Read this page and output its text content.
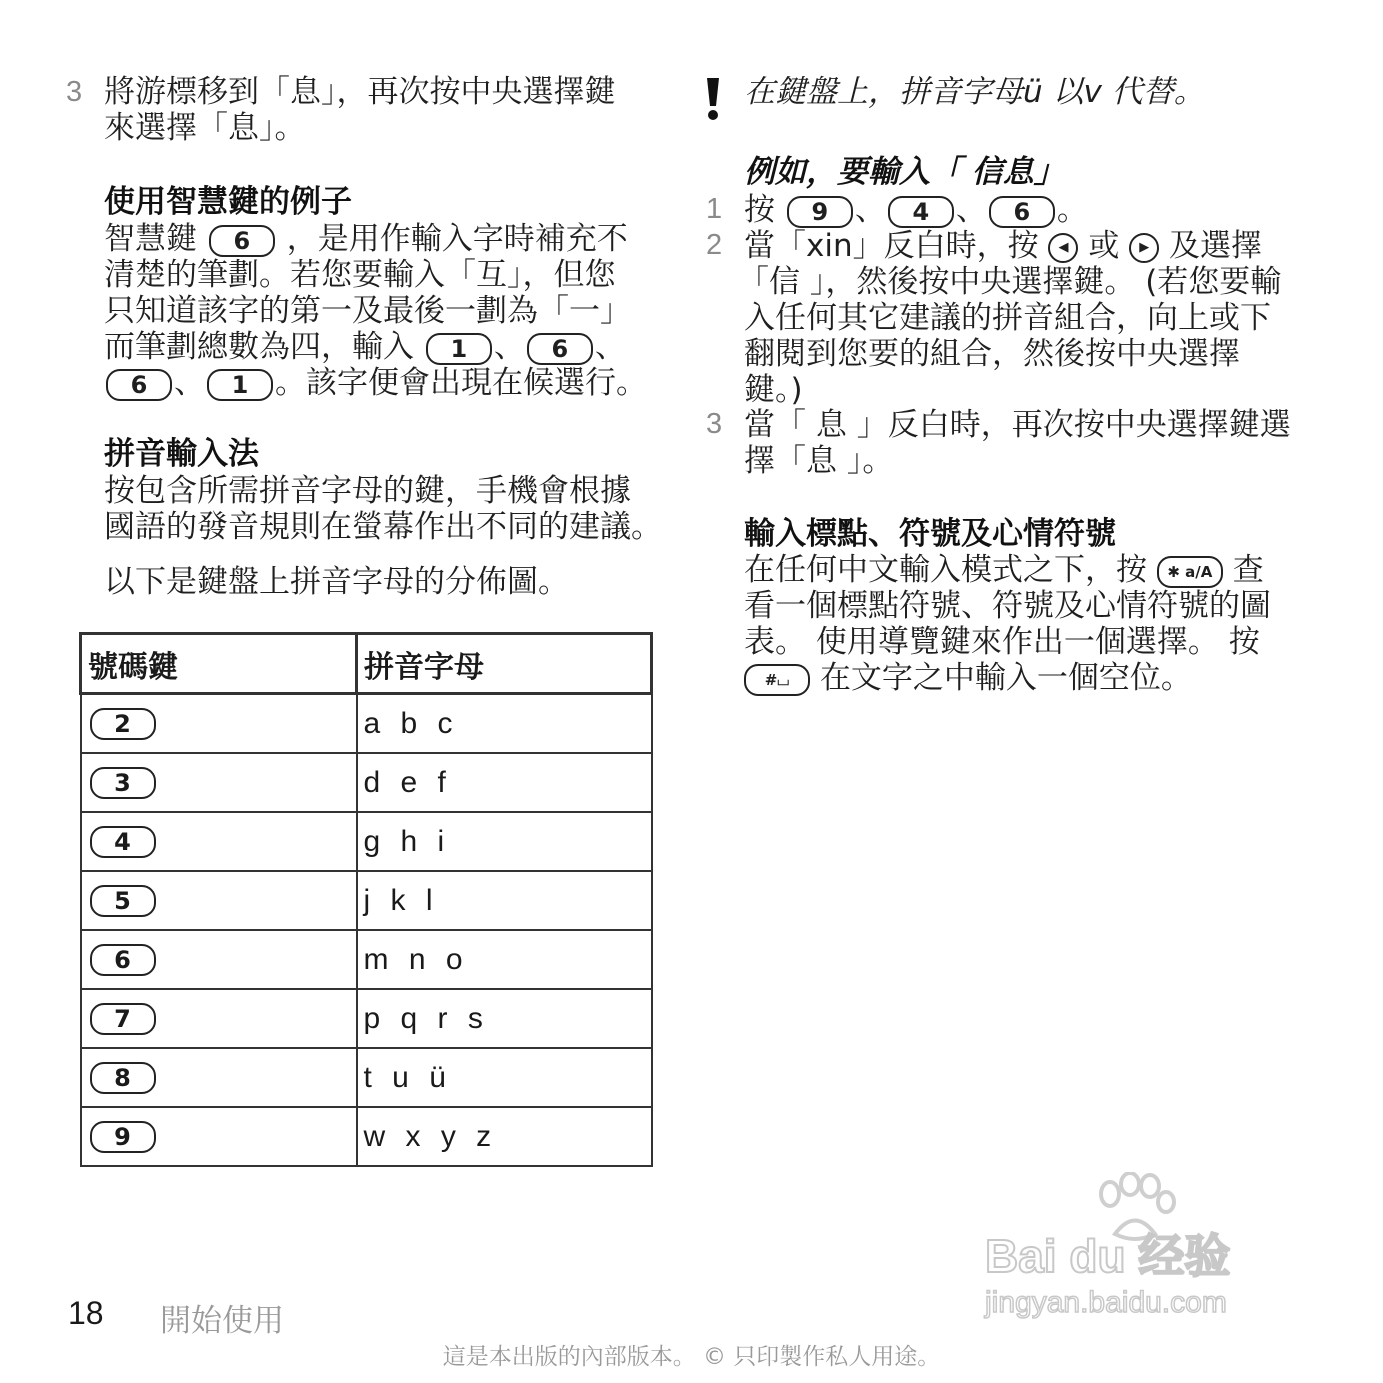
3 將游標移到「息」，再次按中央選擇鍵
來選擇「息」。
使用智慧鍵的例子
智慧鍵 6 ，是用作輸入字時補充不
清楚的筆劃。若您要輸入「互」，但您
只知道該字的第一及最後一劃為「一」
而筆劃總數為四，輸入 1 、 6 、
6 、 1 。該字便會出現在候選行。
拼音輸入法
按包含所需拼音字母的鍵，手機會根據
國語的發音規則在螢幕作出不同的建議。
以下是鍵盤上拼音字母的分佈圖。
號碼鍵	拼音字母
2	a b c
3	d e f
4	g h i
5	j k l
6	m n o
7	p q r s
8	t u ü
9	w x y z
在鍵盤上，拼音字母ü 以v 代替。
例如，要輸入「 信息」
1 按 9 、 4 、 6 。
2 當「xin」反白時，按 ◀ 或 ▶ 及選擇
「信 」，然後按中央選擇鍵。 (若您要輸
入任何其它建議的拼音組合，向上或下
翻閱到您要的組合，然後按中央選擇
鍵。)
3 當「 息 」反白時，再次按中央選擇鍵選
擇「息 」。
輸入標點、符號及心情符號
在任何中文輸入模式之下，按 ✱ a/A 查
看一個標點符號、符號及心情符號的圖
表。 使用導覽鍵來作出一個選擇。 按
#⌴ 在文字之中輸入一個空位。
18 開始使用
這是本出版的內部版本。 © 只印製作私人用途。
Bai du 经验
jingyan.baidu.com
